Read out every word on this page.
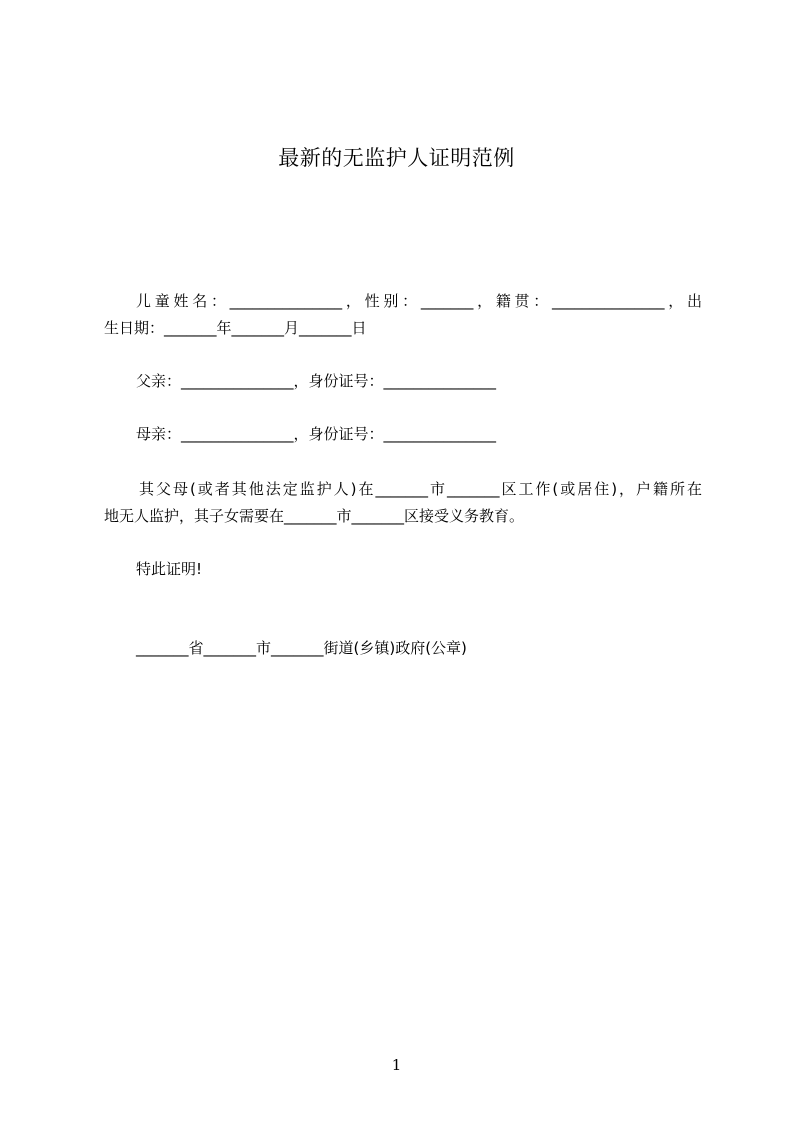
最新的无监护人证明范例
儿童姓名：_______________，性别：_______，籍贯：_______________，出
生日期：_______年_______月_______日
父亲：_______________，身份证号：_______________
母亲：_______________，身份证号：_______________
其父母(或者其他法定监护人)在_______市_______区工作(或居住)，户籍所在
地无人监护，其子女需要在_______市_______区接受义务教育。
特此证明!
_______省_______市_______街道(乡镇)政府(公章)
1
